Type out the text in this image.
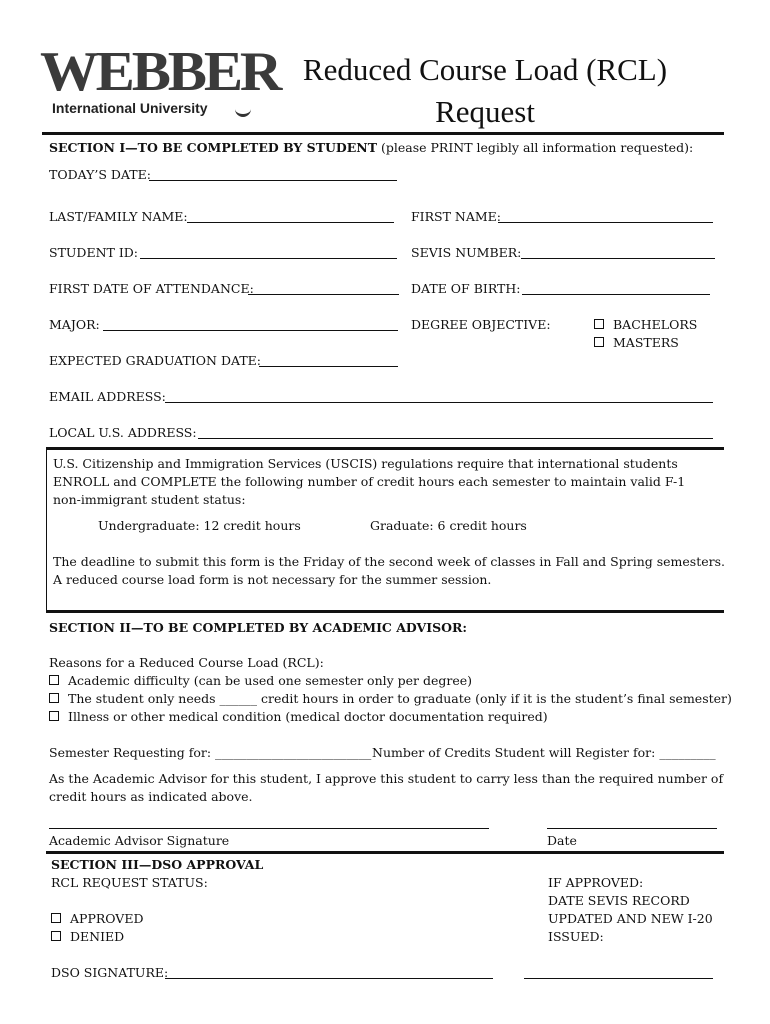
WEBBER
International University
Reduced Course Load (RCL)
Request
SECTION I—TO BE COMPLETED BY STUDENT (please PRINT legibly all information requested):
TODAY’S DATE:
LAST/FAMILY NAME:	FIRST NAME:
STUDENT ID:	SEVIS NUMBER:
FIRST DATE OF ATTENDANCE:	DATE OF BIRTH:
MAJOR:	DEGREE OBJECTIVE:	BACHELORS
MASTERS
EXPECTED GRADUATION DATE:
EMAIL ADDRESS:
LOCAL U.S. ADDRESS:
U.S. Citizenship and Immigration Services (USCIS) regulations require that international students
ENROLL and COMPLETE the following number of credit hours each semester to maintain valid F-1
non-immigrant student status:
Undergraduate: 12 credit hours	Graduate: 6 credit hours
The deadline to submit this form is the Friday of the second week of classes in Fall and Spring semesters.
A reduced course load form is not necessary for the summer session.
SECTION II—TO BE COMPLETED BY ACADEMIC ADVISOR:
Reasons for a Reduced Course Load (RCL):
Academic difficulty (can be used one semester only per degree)
The student only needs ______ credit hours in order to graduate (only if it is the student’s final semester)
Illness or other medical condition (medical doctor documentation required)
Semester Requesting for: _________________________ Number of Credits Student will Register for: _________
As the Academic Advisor for this student, I approve this student to carry less than the required number of
credit hours as indicated above.
Academic Advisor Signature	Date
SECTION III—DSO APPROVAL
RCL REQUEST STATUS:
APPROVED
DENIED
IF APPROVED:
DATE SEVIS RECORD
UPDATED AND NEW I-20
ISSUED:
DSO SIGNATURE:
